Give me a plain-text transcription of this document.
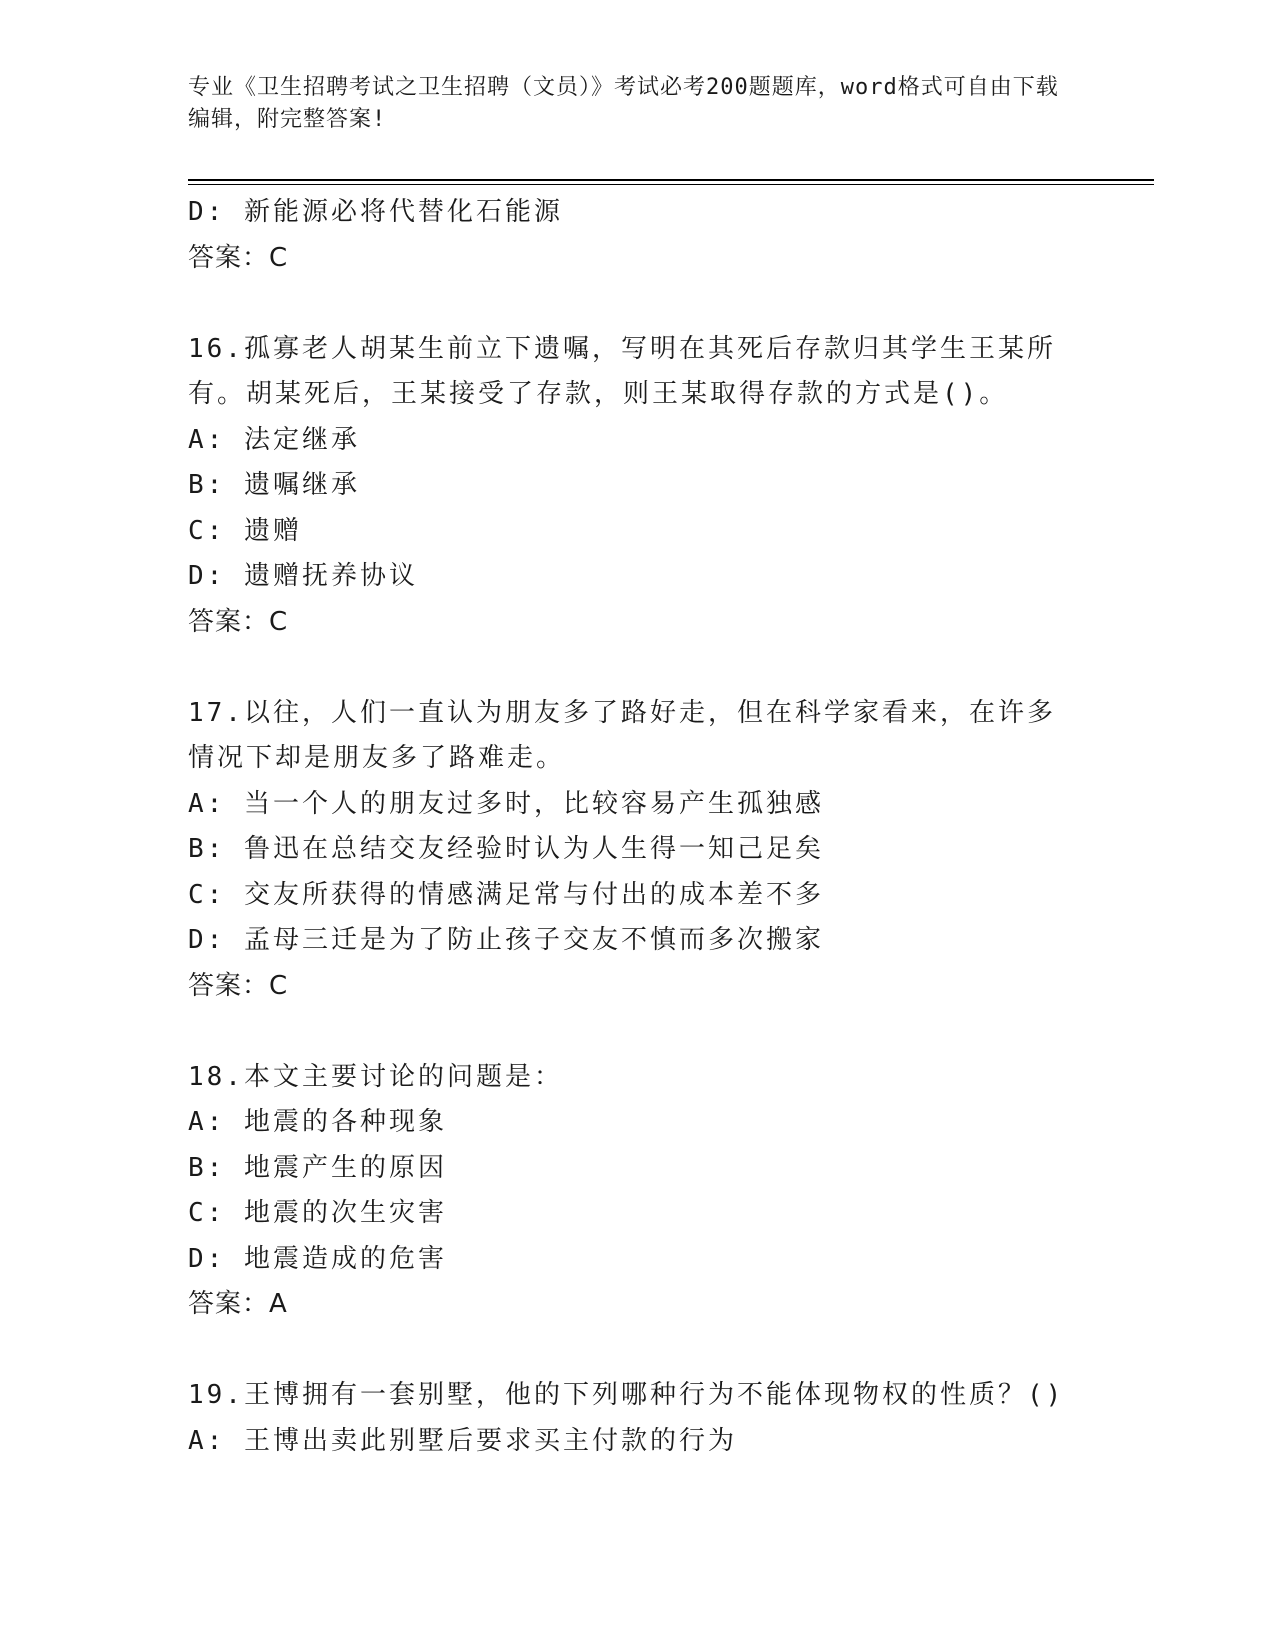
专业《卫生招聘考试之卫生招聘（文员）》考试必考200题题库，word格式可自由下载编辑，附完整答案!
D: 新能源必将代替化石能源
答案：C
16.孤寡老人胡某生前立下遗嘱，写明在其死后存款归其学生王某所有。胡某死后，王某接受了存款，则王某取得存款的方式是()。
A: 法定继承
B: 遗嘱继承
C: 遗赠
D: 遗赠抚养协议
答案：C
17.以往，人们一直认为朋友多了路好走，但在科学家看来，在许多情况下却是朋友多了路难走。
A: 当一个人的朋友过多时，比较容易产生孤独感
B: 鲁迅在总结交友经验时认为人生得一知己足矣
C: 交友所获得的情感满足常与付出的成本差不多
D: 孟母三迁是为了防止孩子交友不慎而多次搬家
答案：C
18.本文主要讨论的问题是：
A: 地震的各种现象
B: 地震产生的原因
C: 地震的次生灾害
D: 地震造成的危害
答案：A
19.王博拥有一套别墅，他的下列哪种行为不能体现物权的性质？()
A: 王博出卖此别墅后要求买主付款的行为
